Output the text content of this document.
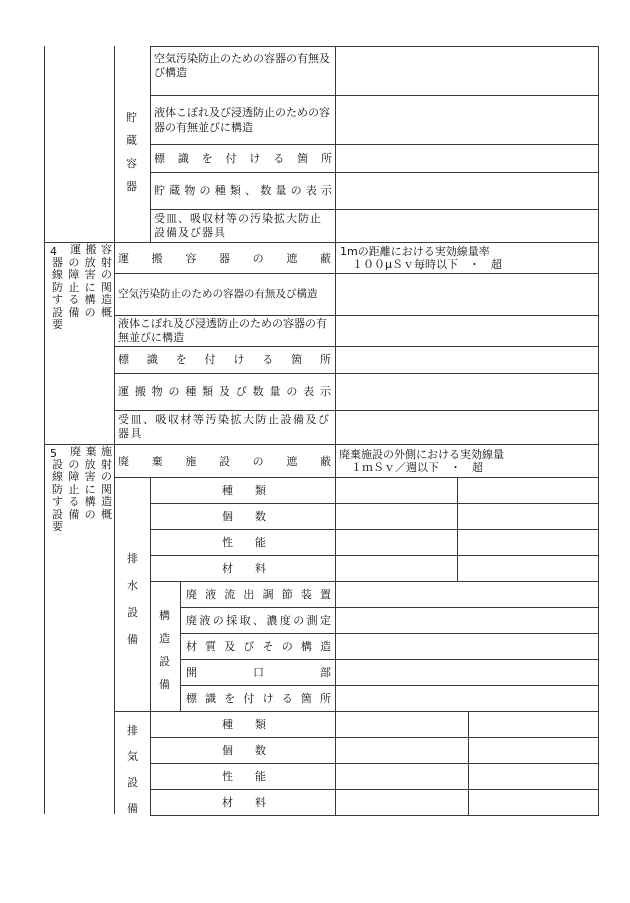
貯
蔵
容
器
空気汚染防止のための容器の有無及び構造
液体こぼれ及び浸透防止のための容器の有無並びに構造
標識を付ける箇所
貯蔵物の種類、数量の表示
受皿、吸収材等の汚染拡大防止設備及び器具
4	運搬容
器の放射
線障害の
防止に関
する構造
設備の概
要
運搬容器の遮蔽
1mの距離における実効線量率
１００μＳｖ毎時以下　・　超
空気汚染防止のための容器の有無及び構造
液体こぼれ及び浸透防止のための容器の有無並びに構造
標識を付ける箇所
運搬物の種類及び数量の表示
受皿、吸収材等汚染拡大防止設備及び器具
5	廃棄施
設の放射
線障害の
防止に関
する構造
設備の概
要
廃棄施設の遮蔽
廃棄施設の外側における実効線量
１ｍＳｖ／週以下　・　超
排
水
設
備
種類
個数
性能
材料
構
造
設
備
廃液流出調節装置
廃液の採取、濃度の測定
材質及びその構造
開口部
標識を付ける箇所
排
気
設
備
種類
個数
性能
材料
